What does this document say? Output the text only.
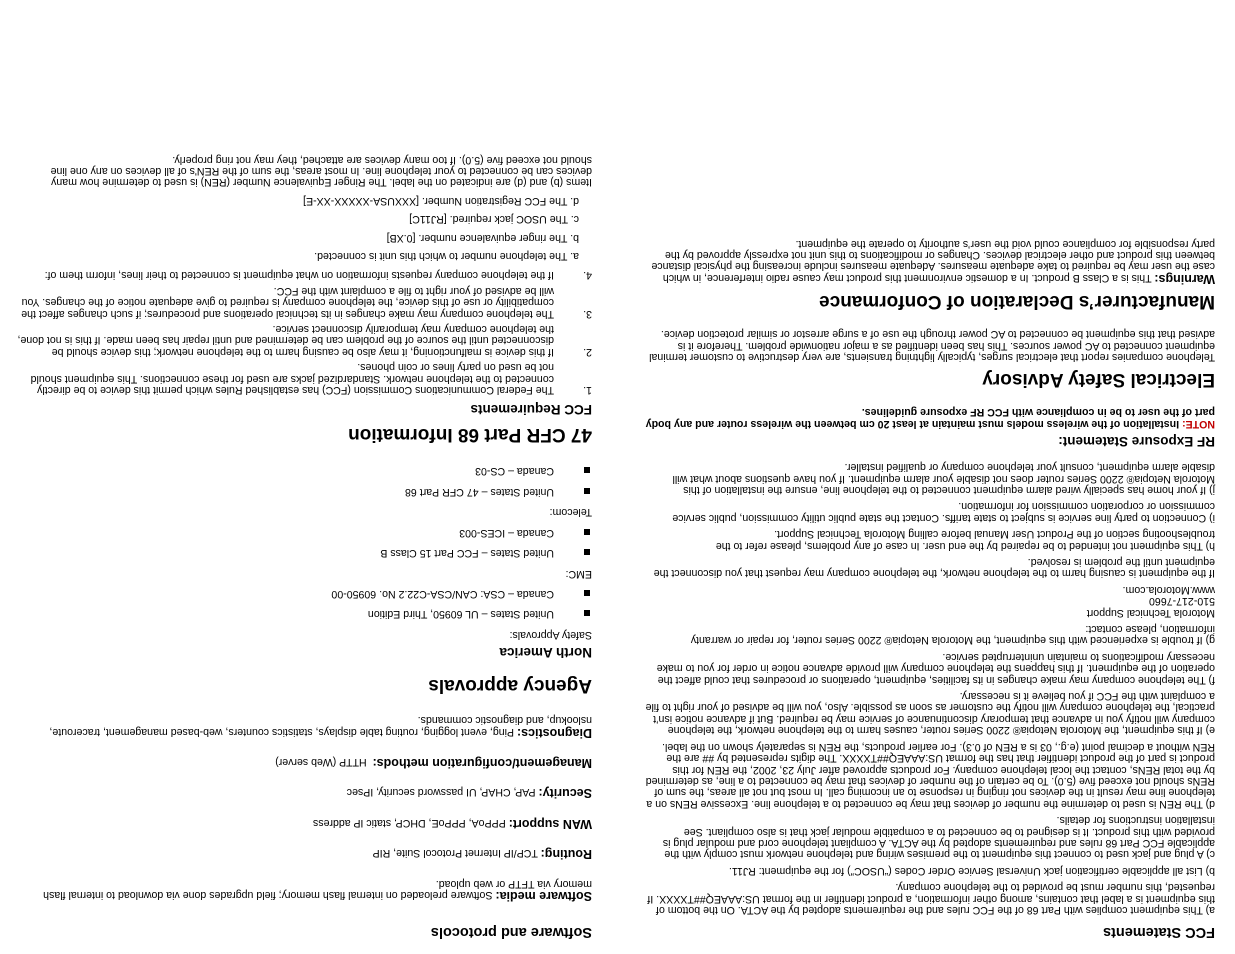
FCC Statements

a) This equipment complies with Part 68 of the FCC rules and the requirements adopted by the ACTA. On the bottom of this equipment is a label that contains, among other information, a product identifier in the format US:AAAEQ##TXXXX. If requested, this number must be provided to the telephone company.

b) List all applicable certification jack Universal Service Order Codes (“USOC”) for the equipment: RJ11.

c) A plug and jack used to connect this equipment to the premises wiring and telephone network must comply with the applicable FCC Part 68 rules and requirements adopted by the ACTA. A compliant telephone cord and modular plug is provided with this product. It is designed to be connected to a compatible modular jack that is also compliant. See installation instructions for details.

d) The REN is used to determine the number of devices that may be connected to a telephone line. Excessive RENs on a telephone line may result in the devices not ringing in response to an incoming call. In most but not all areas, the sum of RENs should not exceed five (5.0). To be certain of the number of devices that may be connected to a line, as determined by the total RENs, contact the local telephone company. For products approved after July 23, 2002, the REN for this product is part of the product identifier that has the format US:AAAEQ##TXXXX. The digits represented by ## are the REN without a decimal point (e.g., 03 is a REN of 0.3). For earlier products, the REN is separately shown on the label.

e) If this equipment, the Motorola Netopia® 2200 Series router, causes harm to the telephone network, the telephone company will notify you in advance that temporary discontinuance of service may be required. But if advance notice isn’t practical, the telephone company will notify the customer as soon as possible. Also, you will be advised of your right to file a complaint with the FCC if you believe it is necessary.

f) The telephone company may make changes in its facilities, equipment, operations or procedures that could affect the operation of the equipment. If this happens the telephone company will provide advance notice in order for you to make necessary modifications to maintain uninterrupted service.

g) If trouble is experienced with this equipment, the Motorola Netopia® 2200 Series router, for repair or warranty information, please contact:

Motorola Technical Support

510-217-7660

www.Motorola.com.

If the equipment is causing harm to the telephone network, the telephone company may request that you disconnect the equipment until the problem is resolved.

h) This equipment not intended to be repaired by the end user. In case of any problems, please refer to the troubleshooting section of the Product User Manual before calling Motorola Technical Support.

i) Connection to party line service is subject to state tariffs. Contact the state public utility commission, public service commission or corporation commission for information.

j) If your home has specially wired alarm equipment connected to the telephone line, ensure the installation of this Motorola Netopia® 2200 Series router does not disable your alarm equipment. If you have questions about what will disable alarm equipment, consult your telephone company or qualified installer.

RF Exposure Statement:

NOTE: Installation of the wireless models must maintain at least 20 cm between the wireless router and any body part of the user to be in compliance with FCC RF exposure guidelines.

Electrical Safety Advisory

Telephone companies report that electrical surges, typically lightning transients, are very destructive to customer terminal equipment connected to AC power sources. This has been identified as a major nationwide problem. Therefore it is advised that this equipment be connected to AC power through the use of a surge arrestor or similar protection device.

Manufacturer’s Declaration of Conformance

Warnings: This is a Class B product. In a domestic environment this product may cause radio interference, in which case the user may be required to take adequate measures. Adequate measures include increasing the physical distance between this product and other electrical devices. Changes or modifications to this unit not expressly approved by the party responsible for compliance could void the user’s authority to operate the equipment.

Software and protocols

Software media: Software preloaded on internal flash memory; field upgrades done via download to internal flash memory via TFTP or web upload.

Routing: TCP/IP Internet Protocol Suite, RIP

WAN support: PPPoA, PPPoE, DHCP, static IP address

Security: PAP, CHAP, UI password security, IPsec

Management/configuration methods:  HTTP (Web server)

Diagnostics: Ping, event logging, routing table displays, statistics counters, web-based management, traceroute, nslookup, and diagnostic commands.

Agency approvals

North America

Safety Approvals:

United States – UL 60950, Third Edition

Canada – CSA: CAN/CSA-C22.2 No. 60950-00

EMC:

United States – FCC Part 15 Class B

Canada – ICES-003

Telecom:

United States – 47 CFR Part 68

Canada – CS-03

47 CFR Part 68 Information

FCC Requirements

1.
The Federal Communications Commission (FCC) has established Rules which permit this device to be directly connected to the telephone network. Standardized jacks are used for these connections. This equipment should not be used on party lines or coin phones.

2.
If this device is malfunctioning, it may also be causing harm to the telephone network; this device should be disconnected until the source of the problem can be determined and until repair has been made. If this is not done, the telephone company may temporarily disconnect service.

3.
The telephone company may make changes in its technical operations and procedures; if such changes affect the compatibility or use of this device, the telephone company is required to give adequate notice of the changes. You will be advised of your right to file a complaint with the FCC.

4.
If the telephone company requests information on what equipment is connected to their lines, inform them of:

a. The telephone number to which this unit is connected.

b. The ringer equivalence number. [0.XB]

c. The USOC jack required. [RJ11C]

d. The FCC Registration Number. [XXXUSA-XXXXX-XX-E]

Items (b) and (d) are indicated on the label. The Ringer Equivalence Number (REN) is used to determine how many devices can be connected to your telephone line. In most areas, the sum of the REN's of all devices on any one line should not exceed five (5.0). If too many devices are attached, they may not ring properly.
